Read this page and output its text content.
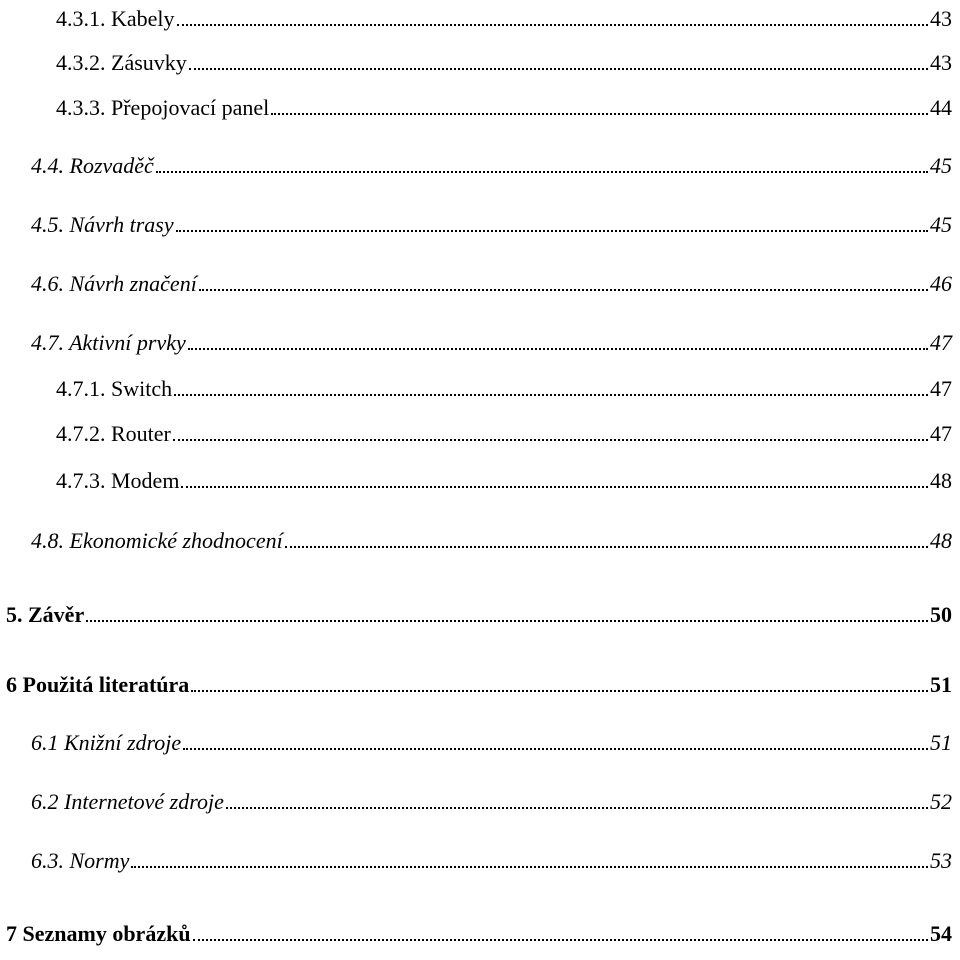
4.3.1. Kabely	43
4.3.2. Zásuvky	43
4.3.3. Přepojovací panel	44
4.4. Rozvaděč	45
4.5. Návrh trasy	45
4.6. Návrh značení	46
4.7. Aktivní prvky	47
4.7.1. Switch	47
4.7.2. Router	47
4.7.3. Modem	48
4.8. Ekonomické zhodnocení	48
5. Závěr	50
6 Použitá literatúra	51
6.1 Knižní zdroje	51
6.2 Internetové zdroje	52
6.3. Normy	53
7 Seznamy obrázků	54
